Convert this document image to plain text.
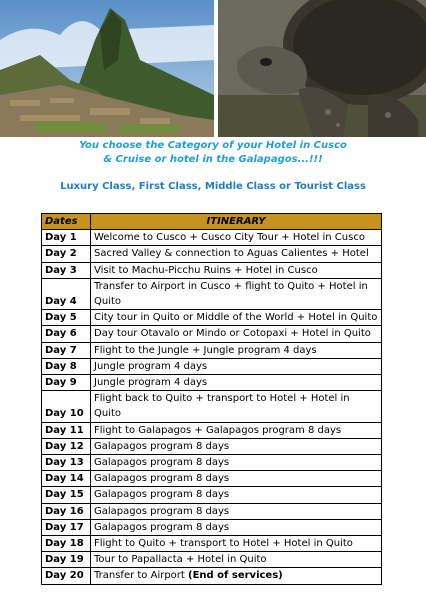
You choose the Category of your Hotel in Cusco
& Cruise or hotel in the Galapagos...!!!
Luxury Class, First Class, Middle Class or Tourist Class
Dates	ITINERARY
Day 1	Welcome to Cusco + Cusco City Tour + Hotel in Cusco
Day 2	Sacred Valley & connection to Aguas Calientes + Hotel
Day 3	Visit to Machu-Picchu Ruins + Hotel in Cusco
Day 4	Transfer to Airport in Cusco + flight to Quito + Hotel in Quito
Day 5	City tour in Quito or Middle of the World + Hotel in Quito
Day 6	Day tour Otavalo or Mindo or Cotopaxi + Hotel in Quito
Day 7	Flight to the Jungle + Jungle program 4 days
Day 8	Jungle program 4 days
Day 9	Jungle program 4 days
Day 10	Flight back to Quito + transport to Hotel + Hotel in Quito
Day 11	Flight to Galapagos + Galapagos program 8 days
Day 12	Galapagos program 8 days
Day 13	Galapagos program 8 days
Day 14	Galapagos program 8 days
Day 15	Galapagos program 8 days
Day 16	Galapagos program 8 days
Day 17	Galapagos program 8 days
Day 18	Flight to Quito + transport to Hotel + Hotel in Quito
Day 19	Tour to Papallacta + Hotel in Quito
Day 20	Transfer to Airport (End of services)
